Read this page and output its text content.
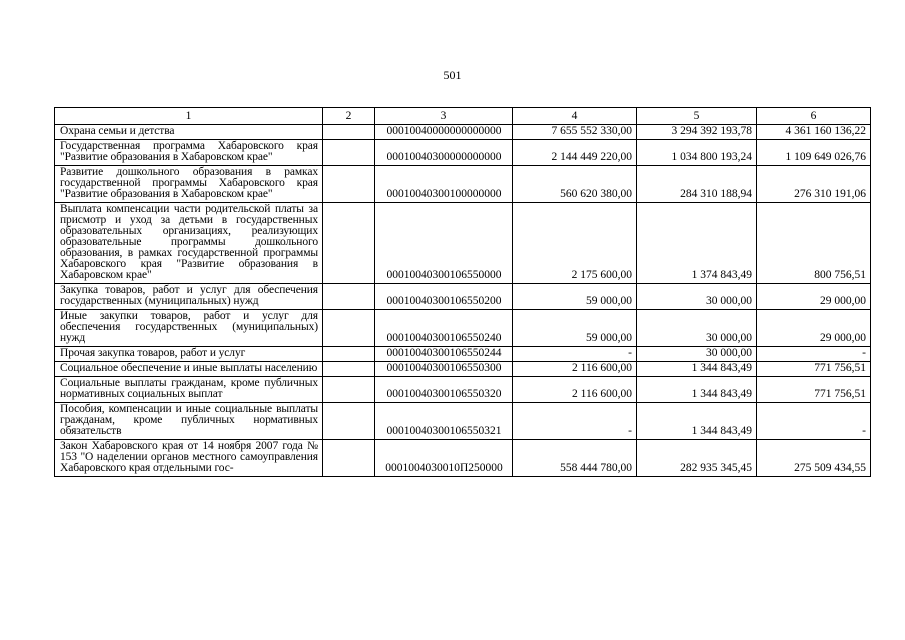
501
1	2	3	4	5	6
Охрана семьи и детства		00010040000000000000	7 655 552 330,00	3 294 392 193,78	4 361 160 136,22
Государственная программа Хабаровского края "Развитие образования в Хабаровском крае"		00010040300000000000	2 144 449 220,00	1 034 800 193,24	1 109 649 026,76
Развитие дошкольного образования в рамках государственной программы Хабаровского края "Развитие образования в Хабаровском крае"		00010040300100000000	560 620 380,00	284 310 188,94	276 310 191,06
Выплата компенсации части родительской платы за присмотр и уход за детьми в государственных образовательных организациях, реализующих образовательные программы дошкольного образования, в рамках государственной программы Хабаровского края "Развитие образования в Хабаровском крае"		00010040300106550000	2 175 600,00	1 374 843,49	800 756,51
Закупка товаров, работ и услуг для обеспечения государственных (муниципальных) нужд		00010040300106550200	59 000,00	30 000,00	29 000,00
Иные закупки товаров, работ и услуг для обеспечения государственных (муниципальных) нужд		00010040300106550240	59 000,00	30 000,00	29 000,00
Прочая закупка товаров, работ и услуг		00010040300106550244	-	30 000,00	-
Социальное обеспечение и иные выплаты населению		00010040300106550300	2 116 600,00	1 344 843,49	771 756,51
Социальные выплаты гражданам, кроме публичных нормативных социальных выплат		00010040300106550320	2 116 600,00	1 344 843,49	771 756,51
Пособия, компенсации и иные социальные выплаты гражданам, кроме публичных нормативных обязательств		00010040300106550321	-	1 344 843,49	-
Закон Хабаровского края от 14 ноября 2007 года № 153 "О наделении органов местного самоуправления Хабаровского края отдельными гос-		0001004030010П250000	558 444 780,00	282 935 345,45	275 509 434,55
